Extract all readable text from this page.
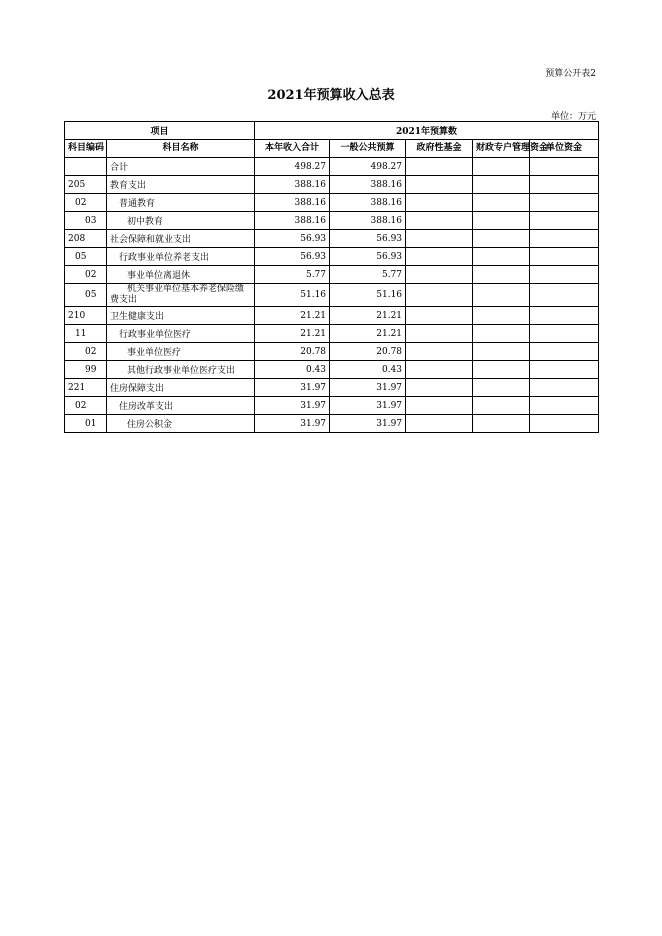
预算公开表2
2021年预算收入总表
单位：万元
项目		2021年预算数				
科目编码	科目名称	本年收入合计	一般公共预算	政府性基金	财政专户管理资金	单位资金
	合计	498.27	498.27			
205	教育支出	388.16	388.16			
02	普通教育	388.16	388.16			
03	初中教育	388.16	388.16			
208	社会保障和就业支出	56.93	56.93			
05	行政事业单位养老支出	56.93	56.93			
02	事业单位离退休	5.77	5.77			
05	机关事业单位基本养老保险缴费支出	51.16	51.16			
210	卫生健康支出	21.21	21.21			
11	行政事业单位医疗	21.21	21.21			
02	事业单位医疗	20.78	20.78			
99	其他行政事业单位医疗支出	0.43	0.43			
221	住房保障支出	31.97	31.97			
02	住房改革支出	31.97	31.97			
01	住房公积金	31.97	31.97			
